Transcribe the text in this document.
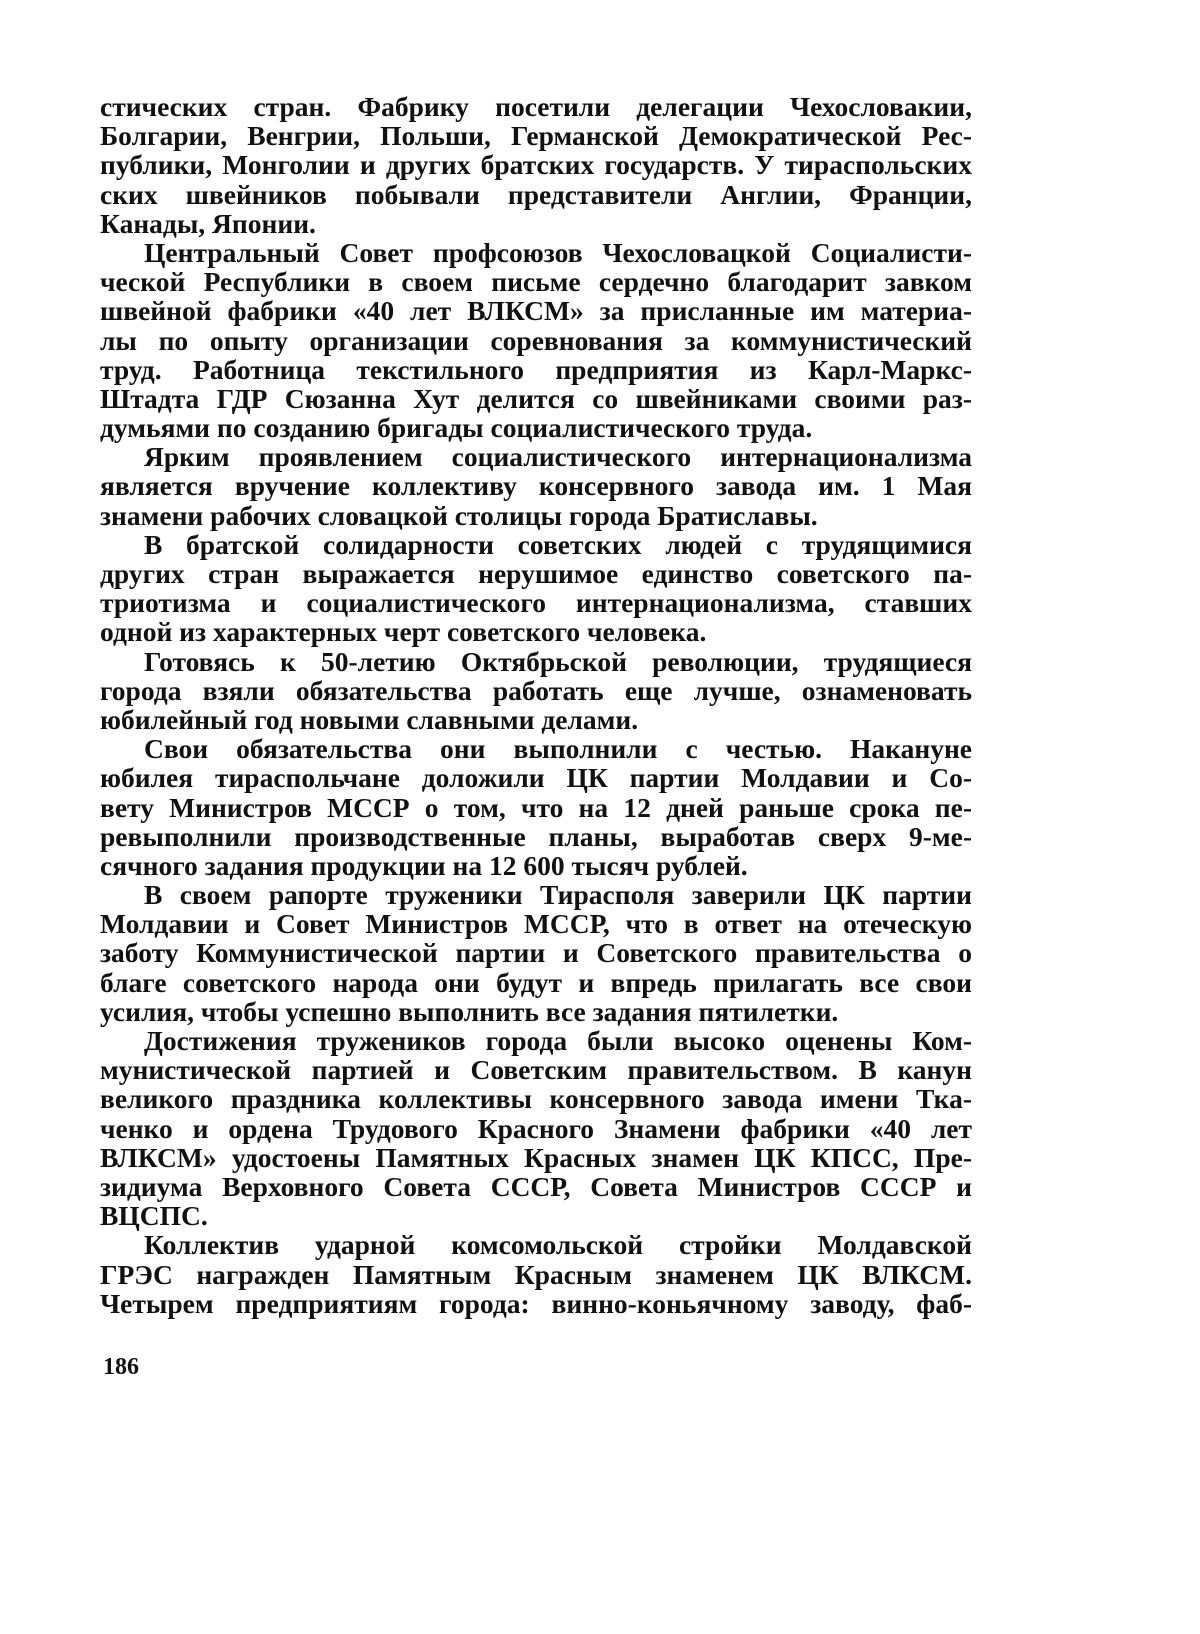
стических стран. Фабрику посетили делегации Чехословакии,
Болгарии, Венгрии, Польши, Германской Демократической Рес-
публики, Монголии и других братских государств. У тираспольских
ских швейников побывали представители Англии, Франции,
Канады, Японии.
Центральный Совет профсоюзов Чехословацкой Социалисти-
ческой Республики в своем письме сердечно благодарит завком
швейной фабрики «40 лет ВЛКСМ» за присланные им материа-
лы по опыту организации соревнования за коммунистический
труд. Работница текстильного предприятия из Карл-Маркс-
Штадта ГДР Сюзанна Хут делится со швейниками своими раз-
думьями по созданию бригады социалистического труда.
Ярким проявлением социалистического интернационализма
является вручение коллективу консервного завода им. 1 Мая
знамени рабочих словацкой столицы города Братиславы.
В братской солидарности советских людей с трудящимися
других стран выражается нерушимое единство советского па-
триотизма и социалистического интернационализма, ставших
одной из характерных черт советского человека.
Готовясь к 50-летию Октябрьской революции, трудящиеся
города взяли обязательства работать еще лучше, ознаменовать
юбилейный год новыми славными делами.
Свои обязательства они выполнили с честью. Накануне
юбилея тираспольчане доложили ЦК партии Молдавии и Со-
вету Министров МССР о том, что на 12 дней раньше срока пе-
ревыполнили производственные планы, выработав сверх 9-ме-
сячного задания продукции на 12 600 тысяч рублей.
В своем рапорте труженики Тирасполя заверили ЦК партии
Молдавии и Совет Министров МССР, что в ответ на отеческую
заботу Коммунистической партии и Советского правительства о
благе советского народа они будут и впредь прилагать все свои
усилия, чтобы успешно выполнить все задания пятилетки.
Достижения тружеников города были высоко оценены Ком-
мунистической партией и Советским правительством. В канун
великого праздника коллективы консервного завода имени Тка-
ченко и ордена Трудового Красного Знамени фабрики «40 лет
ВЛКСМ» удостоены Памятных Красных знамен ЦК КПСС, Пре-
зидиума Верховного Совета СССР, Совета Министров СССР и
ВЦСПС.
Коллектив ударной комсомольской стройки Молдавской
ГРЭС награжден Памятным Красным знаменем ЦК ВЛКСМ.
Четырем предприятиям города: винно-коньячному заводу, фаб-
186
